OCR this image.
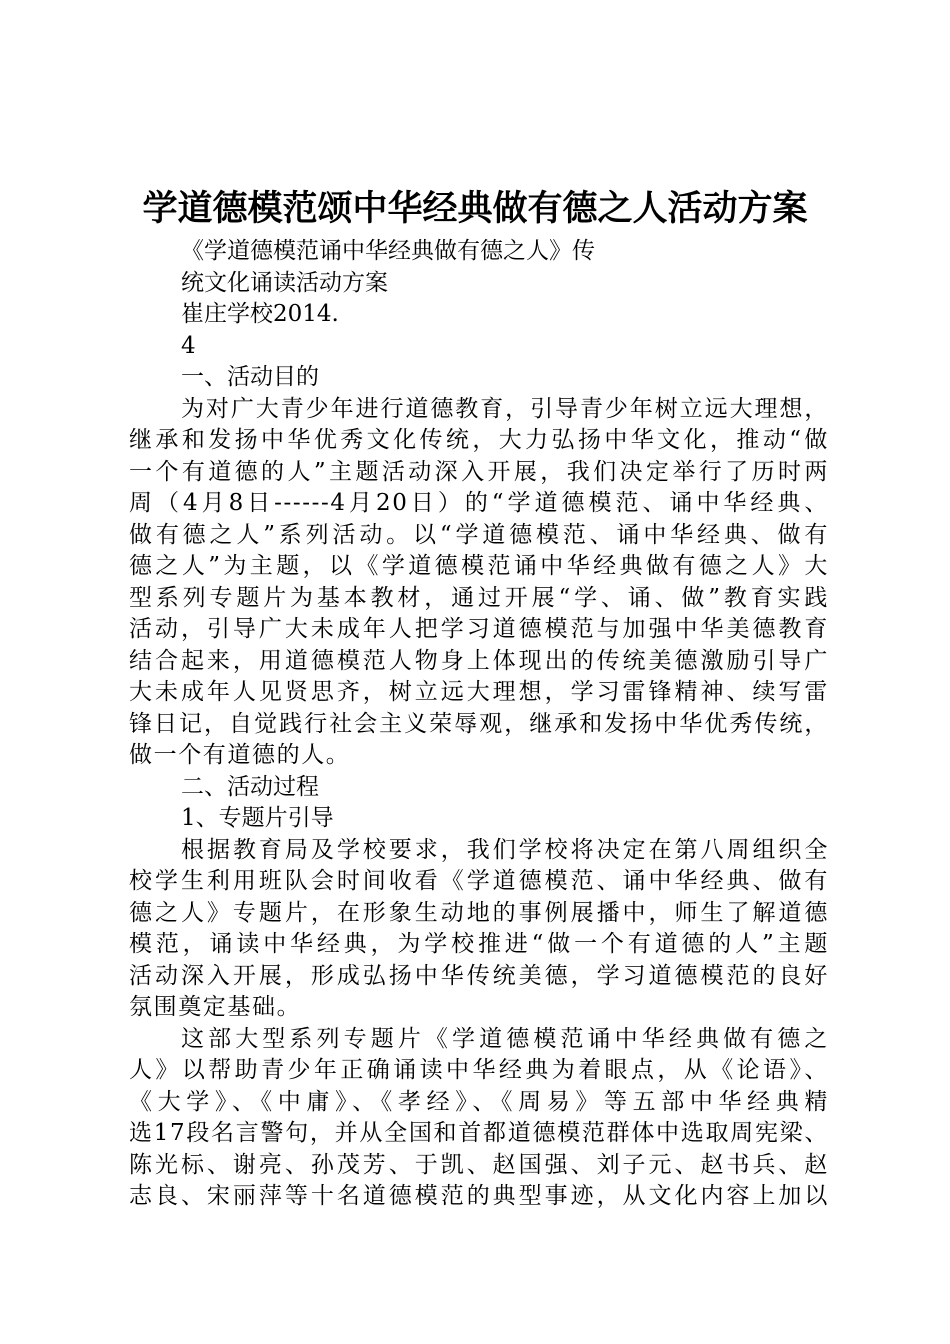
学道德模范颂中华经典做有德之人活动方案
《学道德模范诵中华经典做有德之人》传
统文化诵读活动方案
崔庄学校2014.
4
一、活动目的
为对广大青少年进行道德教育，引导青少年树立远大理想，
继承和发扬中华优秀文化传统，大力弘扬中华文化，推动“做
一个有道德的人”主题活动深入开展，我们决定举行了历时两
周（4月8日------4月20日）的“学道德模范、诵中华经典、
做有德之人”系列活动。以“学道德模范、诵中华经典、做有
德之人”为主题，以《学道德模范诵中华经典做有德之人》大
型系列专题片为基本教材，通过开展“学、诵、做”教育实践
活动，引导广大未成年人把学习道德模范与加强中华美德教育
结合起来，用道德模范人物身上体现出的传统美德激励引导广
大未成年人见贤思齐，树立远大理想，学习雷锋精神、续写雷
锋日记，自觉践行社会主义荣辱观，继承和发扬中华优秀传统，
做一个有道德的人。
二、活动过程
1、专题片引导
根据教育局及学校要求，我们学校将决定在第八周组织全
校学生利用班队会时间收看《学道德模范、诵中华经典、做有
德之人》专题片，在形象生动地的事例展播中，师生了解道德
模范，诵读中华经典，为学校推进“做一个有道德的人”主题
活动深入开展，形成弘扬中华传统美德，学习道德模范的良好
氛围奠定基础。
这部大型系列专题片《学道德模范诵中华经典做有德之
人》以帮助青少年正确诵读中华经典为着眼点，从《论语》、
《大学》、《中庸》、《孝经》、《周易》等五部中华经典精
选17段名言警句，并从全国和首都道德模范群体中选取周宪梁、
陈光标、谢亮、孙茂芳、于凯、赵国强、刘子元、赵书兵、赵
志良、宋丽萍等十名道德模范的典型事迹，从文化内容上加以
